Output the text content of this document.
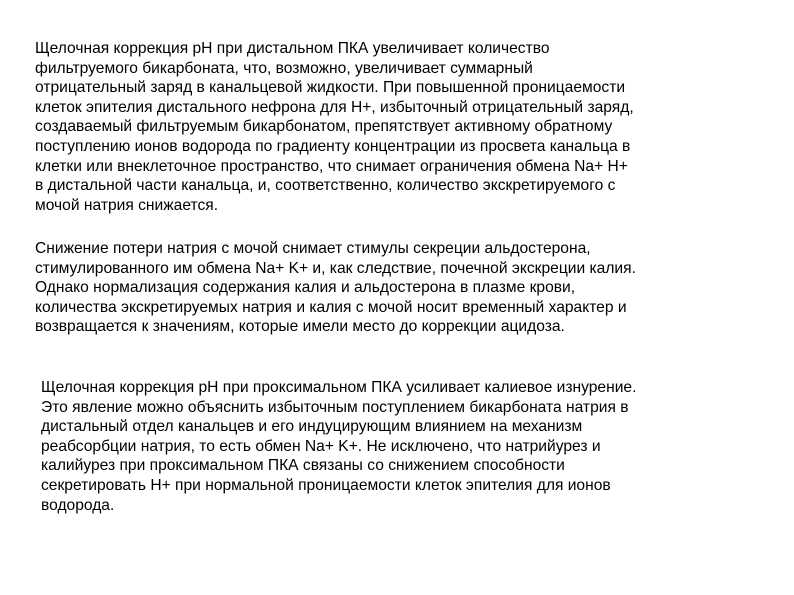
Щелочная коррекция pH при дистальном ПКА увеличивает количество
фильтруемого бикарбоната, что, возможно, увеличивает суммарный
отрицательный заряд в канальцевой жидкости. При повышенной проницаемости
клеток эпителия дистального нефрона для H+, избыточный отрицательный заряд,
создаваемый фильтруемым бикарбонатом, препятствует активному обратному
поступлению ионов водорода по градиенту концентрации из просвета канальца в
клетки или внеклеточное пространство, что снимает ограничения обмена Na+ H+
в дистальной части канальца, и, соответственно, количество экскретируемого с
мочой натрия снижается.

Снижение потери натрия с мочой снимает стимулы секреции альдостерона,
стимулированного им обмена Na+ K+ и, как следствие, почечной экскреции калия.
Однако нормализация содержания калия и альдостерона в плазме крови,
количества экскретируемых натрия и калия с мочой носит временный характер и
возвращается к значениям, которые имели место до коррекции ацидоза.

Щелочная коррекция pH при проксимальном ПКА усиливает калиевое изнурение.
Это явление можно объяснить избыточным поступлением бикарбоната натрия в
дистальный отдел канальцев и его индуцирующим влиянием на механизм
реабсорбции натрия, то есть обмен Na+ K+. Не исключено, что натрийурез и
калийурез при проксимальном ПКА связаны со снижением способности
секретировать H+ при нормальной проницаемости клеток эпителия для ионов
водорода.
